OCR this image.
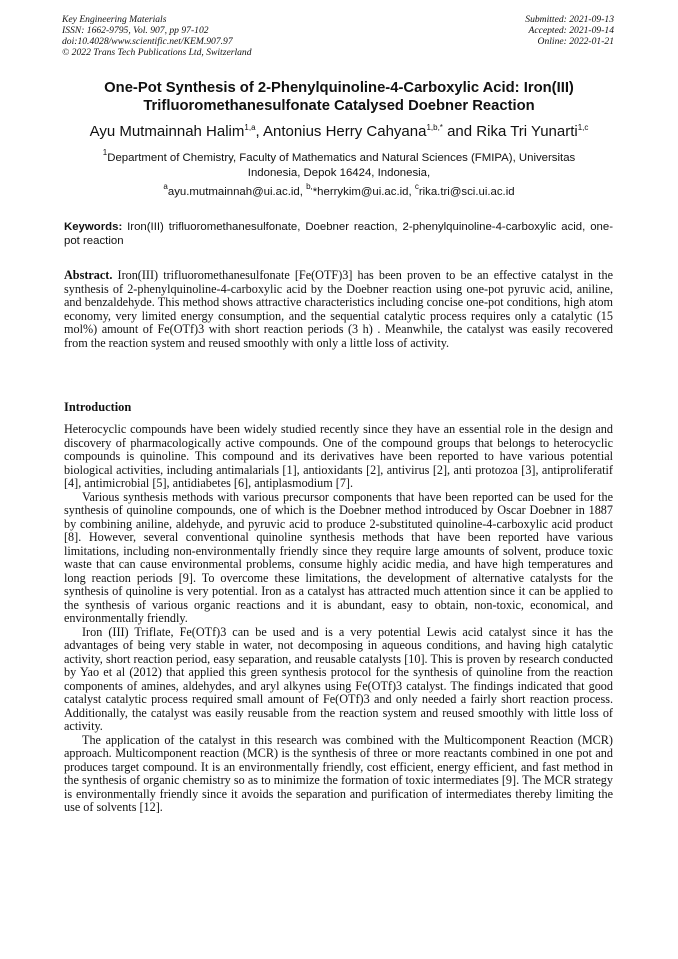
Key Engineering Materials
ISSN: 1662-9795, Vol. 907, pp 97-102
doi:10.4028/www.scientific.net/KEM.907.97
© 2022 Trans Tech Publications Ltd, Switzerland
Submitted: 2021-09-13
Accepted: 2021-09-14
Online: 2022-01-21
One-Pot Synthesis of 2-Phenylquinoline-4-Carboxylic Acid: Iron(III)
Trifluoromethanesulfonate Catalysed Doebner Reaction
Ayu Mutmainnah Halim$^{1,a}$, Antonius Herry Cahyana$^{1,b,*}$ and Rika Tri Yunarti$^{1,c}$
$^1$Department of Chemistry, Faculty of Mathematics and Natural Sciences (FMIPA), Universitas
Indonesia, Depok 16424, Indonesia,
$^a$ayu.mutmainnah@ui.ac.id, $^{b,}$*herrykim@ui.ac.id, $^c$rika.tri@sci.ui.ac.id
Keywords: Iron(III) trifluoromethanesulfonate, Doebner reaction, 2-phenylquinoline-4-carboxylic acid, one-pot reaction
Abstract. Iron(III) trifluoromethanesulfonate [Fe(OTF)3] has been proven to be an effective catalyst in the synthesis of 2-phenylquinoline-4-carboxylic acid by the Doebner reaction using one-pot pyruvic acid, aniline, and benzaldehyde. This method shows attractive characteristics including concise one-pot conditions, high atom economy, very limited energy consumption, and the sequential catalytic process requires only a catalytic (15 mol%) amount of Fe(OTf)3 with short reaction periods (3 h) . Meanwhile, the catalyst was easily recovered from the reaction system and reused smoothly with only a little loss of activity.
Introduction

Heterocyclic compounds have been widely studied recently since they have an essential role in the design and discovery of pharmacologically active compounds. One of the compound groups that belongs to heterocyclic compounds is quinoline. This compound and its derivatives have been reported to have various potential biological activities, including antimalarials [1], antioxidants [2], antivirus [2], anti protozoa [3], antiproliferatif [4], antimicrobial [5], antidiabetes [6], antiplasmodium [7].

Various synthesis methods with various precursor components that have been reported can be used for the synthesis of quinoline compounds, one of which is the Doebner method introduced by Oscar Doebner in 1887 by combining aniline, aldehyde, and pyruvic acid to produce 2-substituted quinoline-4-carboxylic acid product [8]. However, several conventional quinoline synthesis methods that have been reported have various limitations, including non-environmentally friendly since they require large amounts of solvent, produce toxic waste that can cause environmental problems, consume highly acidic media, and have high temperatures and long reaction periods [9]. To overcome these limitations, the development of alternative catalysts for the synthesis of quinoline is very potential. Iron as a catalyst has attracted much attention since it can be applied to the synthesis of various organic reactions and it is abundant, easy to obtain, non-toxic, economical, and environmentally friendly.

Iron (III) Triflate, Fe(OTf)3 can be used and is a very potential Lewis acid catalyst since it has the advantages of being very stable in water, not decomposing in aqueous conditions, and having high catalytic activity, short reaction period, easy separation, and reusable catalysts [10]. This is proven by research conducted by Yao et al (2012) that applied this green synthesis protocol for the synthesis of quinoline from the reaction components of amines, aldehydes, and aryl alkynes using Fe(OTf)3 catalyst. The findings indicated that good catalyst catalytic process required small amount of Fe(OTf)3 and only needed a fairly short reaction process. Additionally, the catalyst was easily reusable from the reaction system and reused smoothly with little loss of activity.

The application of the catalyst in this research was combined with the Multicomponent Reaction (MCR) approach. Multicomponent reaction (MCR) is the synthesis of three or more reactants combined in one pot and produces target compound. It is an environmentally friendly, cost efficient, energy efficient, and fast method in the synthesis of organic chemistry so as to minimize the formation of toxic intermediates [9]. The MCR strategy is environmentally friendly since it avoids the separation and purification of intermediates thereby limiting the use of solvents [12].
